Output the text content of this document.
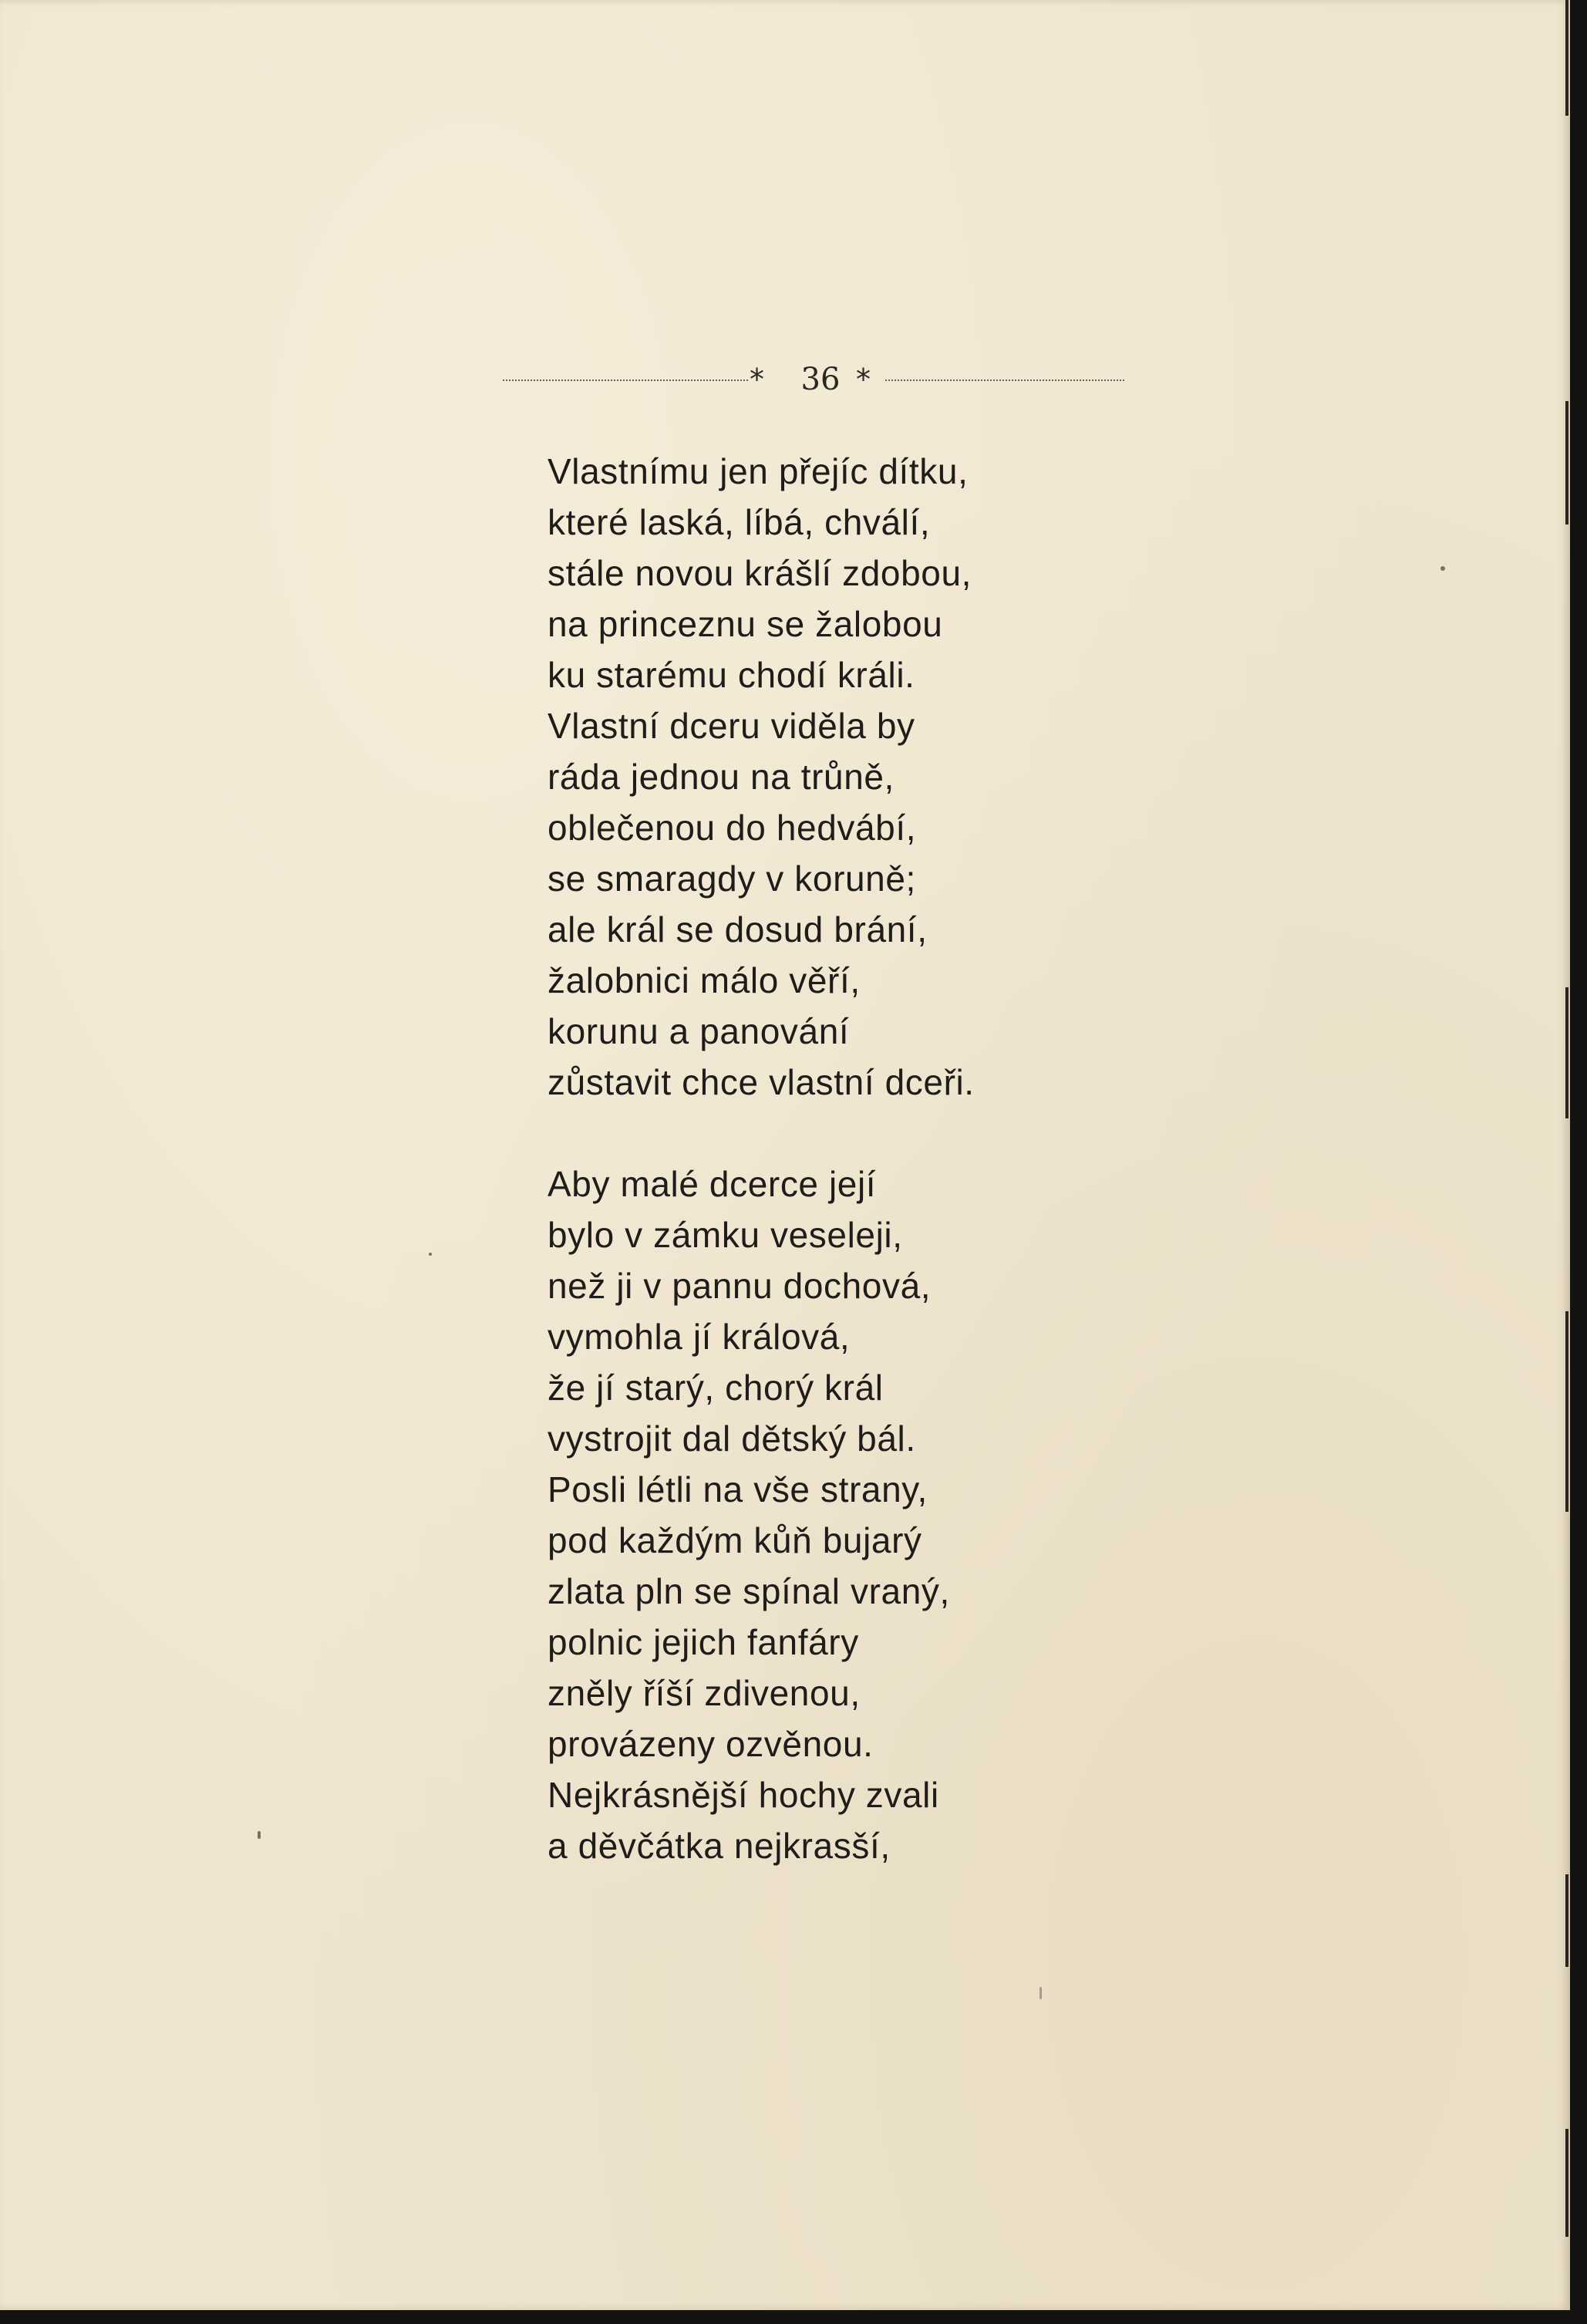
*	36 *

Vlastnímu jen přejíc dítku,
které laská, líbá, chválí,
stále novou krášlí zdobou,
na princeznu se žalobou
ku starému chodí králi.
Vlastní dceru viděla by
ráda jednou na trůně,
oblečenou do hedvábí,
se smaragdy v koruně;
ale král se dosud brání,
žalobnici málo věří,
korunu a panování
zůstavit chce vlastní dceři.

Aby malé dcerce její
bylo v zámku veseleji,
než ji v pannu dochová,
vymohla jí králová,
že jí starý, chorý král
vystrojit dal dětský bál.
Posli létli na vše strany,
pod každým kůň bujarý
zlata pln se spínal vraný,
polnic jejich fanfáry
zněly říší zdivenou,
provázeny ozvěnou.
Nejkrásnější hochy zvali
a děvčátka nejkrasší,
